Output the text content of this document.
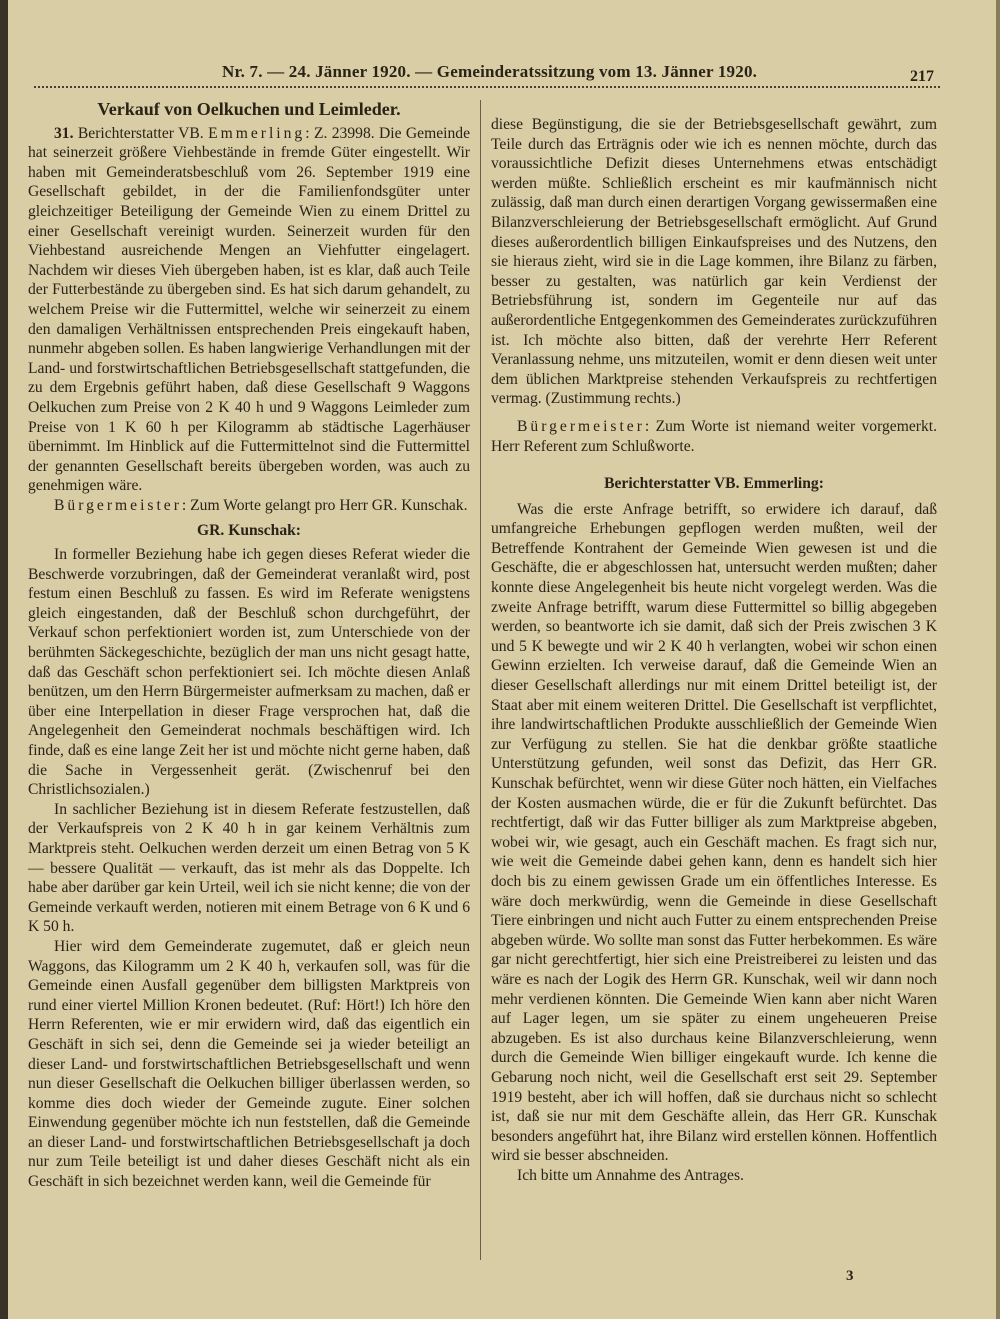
Nr. 7. — 24. Jänner 1920. — Gemeinderatssitzung vom 13. Jänner 1920.	217
Verkauf von Oelkuchen und Leimleder.

31. Berichterstatter VB. Emmerling: Z. 23998. Die Gemeinde hat seinerzeit größere Viehbestände in fremde Güter eingestellt. Wir haben mit Gemeinderatsbeschluß vom 26. September 1919 eine Gesellschaft gebildet, in der die Familienfondsgüter unter gleichzeitiger Beteiligung der Gemeinde Wien zu einem Drittel zu einer Gesellschaft vereinigt wurden. Seinerzeit wurden für den Viehbestand ausreichende Mengen an Viehfutter eingelagert. Nachdem wir dieses Vieh übergeben haben, ist es klar, daß auch Teile der Futterbestände zu übergeben sind. Es hat sich darum gehandelt, zu welchem Preise wir die Futtermittel, welche wir seinerzeit zu einem den damaligen Verhältnissen entsprechenden Preis eingekauft haben, nunmehr abgeben sollen. Es haben langwierige Verhandlungen mit der Land- und forstwirtschaftlichen Betriebsgesellschaft stattgefunden, die zu dem Ergebnis geführt haben, daß diese Gesellschaft 9 Waggons Oelkuchen zum Preise von 2 K 40 h und 9 Waggons Leimleder zum Preise von 1 K 60 h per Kilogramm ab städtische Lagerhäuser übernimmt. Im Hinblick auf die Futtermittelnot sind die Futtermittel der genannten Gesellschaft bereits übergeben worden, was auch zu genehmigen wäre.

Bürgermeister: Zum Worte gelangt pro Herr GR. Kunschak.

GR. Kunschak:

In formeller Beziehung habe ich gegen dieses Referat wieder die Beschwerde vorzubringen, daß der Gemeinderat veranlaßt wird, post festum einen Beschluß zu fassen. Es wird im Referate wenigstens gleich eingestanden, daß der Beschluß schon durchgeführt, der Verkauf schon perfektioniert worden ist, zum Unterschiede von der berühmten Säckegeschichte, bezüglich der man uns nicht gesagt hatte, daß das Geschäft schon perfektioniert sei. Ich möchte diesen Anlaß benützen, um den Herrn Bürgermeister aufmerksam zu machen, daß er über eine Interpellation in dieser Frage versprochen hat, daß die Angelegenheit den Gemeinderat nochmals beschäftigen wird. Ich finde, daß es eine lange Zeit her ist und möchte nicht gerne haben, daß die Sache in Vergessenheit gerät. (Zwischenruf bei den Christlichsozialen.)

In sachlicher Beziehung ist in diesem Referate festzustellen, daß der Verkaufspreis von 2 K 40 h in gar keinem Verhältnis zum Marktpreis steht. Oelkuchen werden derzeit um einen Betrag von 5 K — bessere Qualität — verkauft, das ist mehr als das Doppelte. Ich habe aber darüber gar kein Urteil, weil ich sie nicht kenne; die von der Gemeinde verkauft werden, notieren mit einem Betrage von 6 K und 6 K 50 h.

Hier wird dem Gemeinderate zugemutet, daß er gleich neun Waggons, das Kilogramm um 2 K 40 h, verkaufen soll, was für die Gemeinde einen Ausfall gegenüber dem billigsten Marktpreis von rund einer viertel Million Kronen bedeutet. (Ruf: Hört!) Ich höre den Herrn Referenten, wie er mir erwidern wird, daß das eigentlich ein Geschäft in sich sei, denn die Gemeinde sei ja wieder beteiligt an dieser Land- und forstwirtschaftlichen Betriebsgesellschaft und wenn nun dieser Gesellschaft die Oelkuchen billiger überlassen werden, so komme dies doch wieder der Gemeinde zugute. Einer solchen Einwendung gegenüber möchte ich nun feststellen, daß die Gemeinde an dieser Land- und forstwirtschaftlichen Betriebsgesellschaft ja doch nur zum Teile beteiligt ist und daher dieses Geschäft nicht als ein Geschäft in sich bezeichnet werden kann, weil die Gemeinde für

diese Begünstigung, die sie der Betriebsgesellschaft gewährt, zum Teile durch das Erträgnis oder wie ich es nennen möchte, durch das voraussichtliche Defizit dieses Unternehmens etwas entschädigt werden müßte. Schließlich erscheint es mir kaufmännisch nicht zulässig, daß man durch einen derartigen Vorgang gewissermaßen eine Bilanzverschleierung der Betriebsgesellschaft ermöglicht. Auf Grund dieses außerordentlich billigen Einkaufspreises und des Nutzens, den sie hieraus zieht, wird sie in die Lage kommen, ihre Bilanz zu färben, besser zu gestalten, was natürlich gar kein Verdienst der Betriebsführung ist, sondern im Gegenteile nur auf das außerordentliche Entgegenkommen des Gemeinderates zurückzuführen ist. Ich möchte also bitten, daß der verehrte Herr Referent Veranlassung nehme, uns mitzuteilen, womit er denn diesen weit unter dem üblichen Marktpreise stehenden Verkaufspreis zu rechtfertigen vermag. (Zustimmung rechts.)

Bürgermeister: Zum Worte ist niemand weiter vorgemerkt. Herr Referent zum Schlußworte.

Berichterstatter VB. Emmerling:

Was die erste Anfrage betrifft, so erwidere ich darauf, daß umfangreiche Erhebungen gepflogen werden mußten, weil der Betreffende Kontrahent der Gemeinde Wien gewesen ist und die Geschäfte, die er abgeschlossen hat, untersucht werden mußten; daher konnte diese Angelegenheit bis heute nicht vorgelegt werden. Was die zweite Anfrage betrifft, warum diese Futtermittel so billig abgegeben werden, so beantworte ich sie damit, daß sich der Preis zwischen 3 K und 5 K bewegte und wir 2 K 40 h verlangten, wobei wir schon einen Gewinn erzielten. Ich verweise darauf, daß die Gemeinde Wien an dieser Gesellschaft allerdings nur mit einem Drittel beteiligt ist, der Staat aber mit einem weiteren Drittel. Die Gesellschaft ist verpflichtet, ihre landwirtschaftlichen Produkte ausschließlich der Gemeinde Wien zur Verfügung zu stellen. Sie hat die denkbar größte staatliche Unterstützung gefunden, weil sonst das Defizit, das Herr GR. Kunschak befürchtet, wenn wir diese Güter noch hätten, ein Vielfaches der Kosten ausmachen würde, die er für die Zukunft befürchtet. Das rechtfertigt, daß wir das Futter billiger als zum Marktpreise abgeben, wobei wir, wie gesagt, auch ein Geschäft machen. Es fragt sich nur, wie weit die Gemeinde dabei gehen kann, denn es handelt sich hier doch bis zu einem gewissen Grade um ein öffentliches Interesse. Es wäre doch merkwürdig, wenn die Gemeinde in diese Gesellschaft Tiere einbringen und nicht auch Futter zu einem entsprechenden Preise abgeben würde. Wo sollte man sonst das Futter herbekommen. Es wäre gar nicht gerechtfertigt, hier sich eine Preistreiberei zu leisten und das wäre es nach der Logik des Herrn GR. Kunschak, weil wir dann noch mehr verdienen könnten. Die Gemeinde Wien kann aber nicht Waren auf Lager legen, um sie später zu einem ungeheueren Preise abzugeben. Es ist also durchaus keine Bilanzverschleierung, wenn durch die Gemeinde Wien billiger eingekauft wurde. Ich kenne die Gebarung noch nicht, weil die Gesellschaft erst seit 29. September 1919 besteht, aber ich will hoffen, daß sie durchaus nicht so schlecht ist, daß sie nur mit dem Geschäfte allein, das Herr GR. Kunschak besonders angeführt hat, ihre Bilanz wird erstellen können. Hoffentlich wird sie besser abschneiden.

Ich bitte um Annahme des Antrages.

3
